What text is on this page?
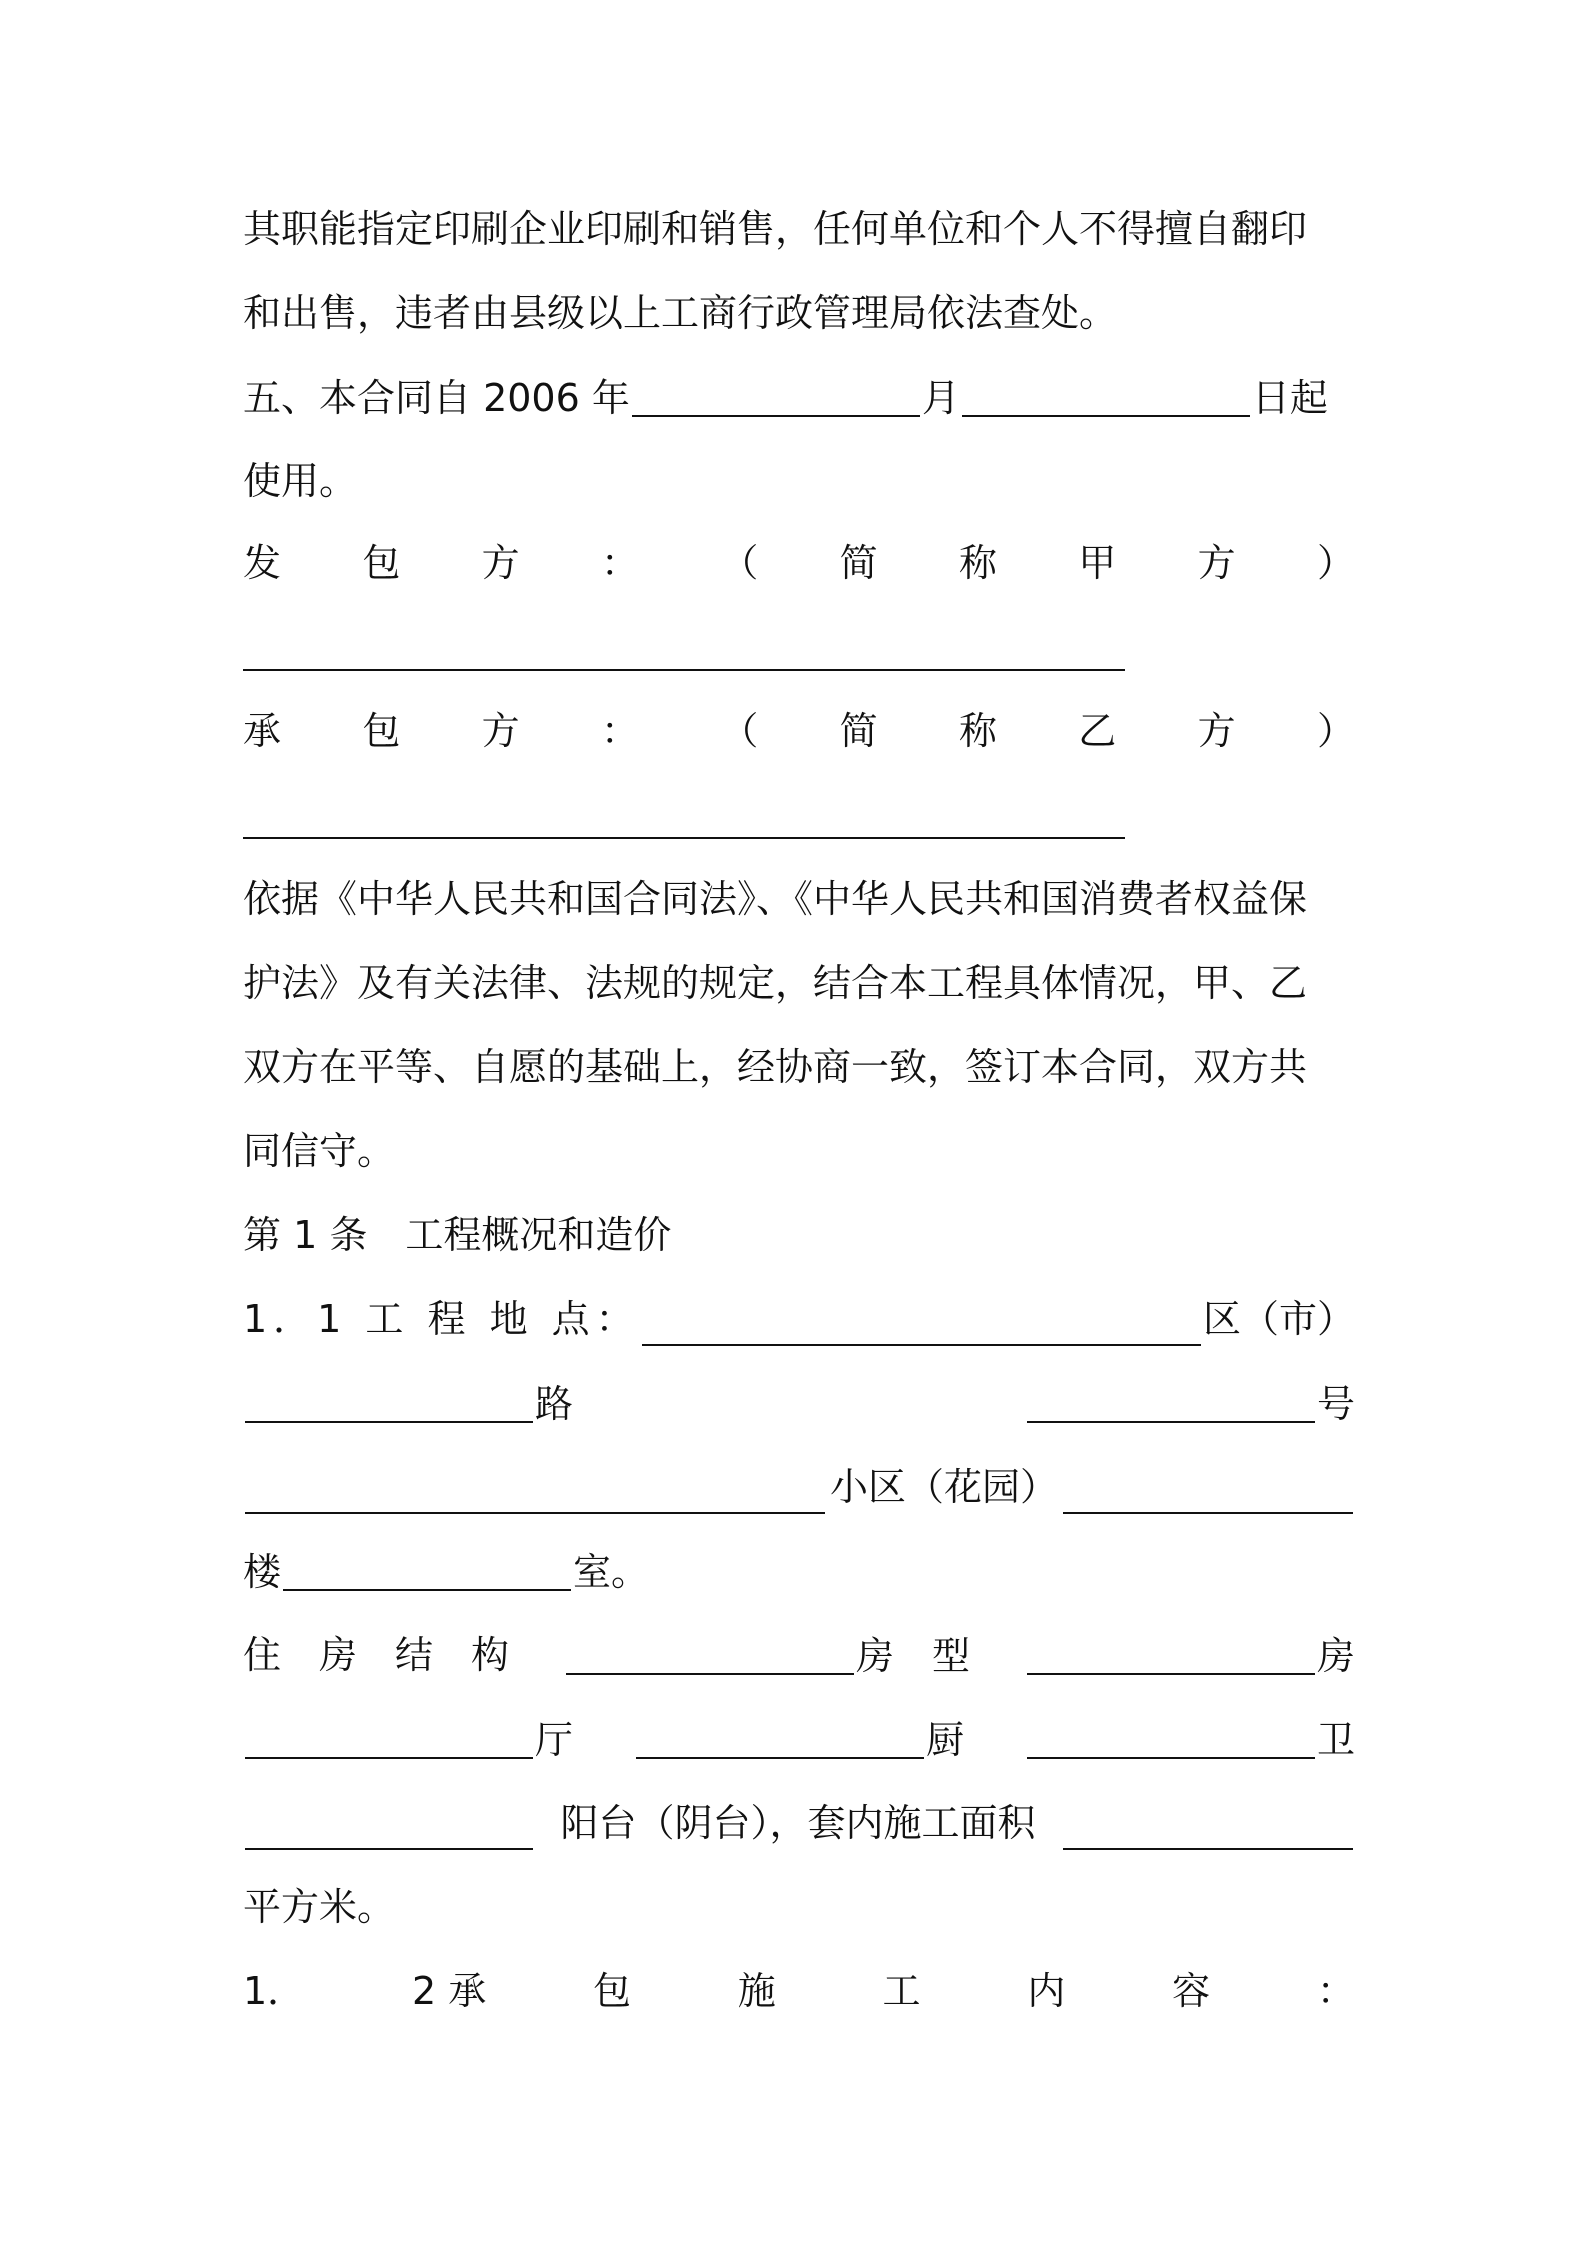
其职能指定印刷企业印刷和销售，任何单位和个人不得擅自翻印
和出售，违者由县级以上工商行政管理局依法查处。
五、本合同自 2006 年	月	日起
使用。
发 包 方 ： （ 简 称 甲 方 ）
承 包 方 ： （ 简 称 乙 方 ）
依据《中华人民共和国合同法》、《中华人民共和国消费者权益保
护法》及有关法律、法规的规定，结合本工程具体情况，甲、乙
双方在平等、自愿的基础上，经协商一致，签订本合同，双方共
同信守。
第 1 条　工程概况和造价
1．1 工 程 地 点：	区（市）
路	号
小区（花园）
楼	室。
住　房　结　构	房　型	房
厅	厨	卫
阳台（阴台），套内施工面积
平方米。
1．	2 承	包	施	工	内	容	：
